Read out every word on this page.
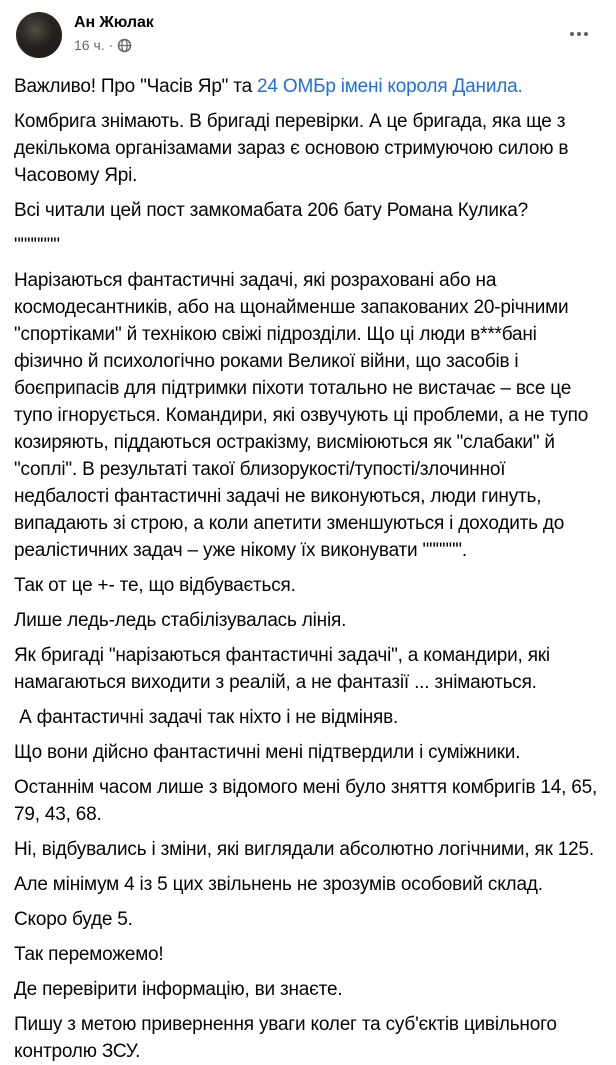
Ан Жюлак
16 ч. ·

Важливо! Про "Часів Яр" та 24 ОМБр імені короля Данила.

Комбрига знімають. В бригаді перевірки. А це бригада, яка ще з декількома організамами зараз є основою стримуючою силою в Часовому Ярі.

Всі читали цей пост замкомабата 206 бату Романа Кулика?

"""""""

Нарізаються фантастичні задачі, які розраховані або на космодесантників, або на щонайменше запакованих 20-річними "спортіками" й технікою свіжі підрозділи. Що ці люди в***бані фізично й психологічно роками Великої війни, що засобів і боєприпасів для підтримки піхоти тотально не вистачає – все це тупо ігнорується. Командири, які озвучують ці проблеми, а не тупо козиряють, піддаються остракізму, висміюються як "слабаки" й "соплі". В результаті такої близорукості/тупості/злочинної недбалості фантастичні задачі не виконуються, люди гинуть, випадають зі строю, а коли апетити зменшуються і доходить до реалістичних задач – уже нікому їх виконувати """""".

Так от це +- те, що відбувається.

Лише ледь-ледь стабілізувалась лінія.

Як бригаді "нарізаються фантастичні задачі", а командири, які намагаються виходити з реалій, а не фантазії ... знімаються.

А фантастичні задачі так ніхто і не відміняв.

Що вони дійсно фантастичні мені підтвердили і суміжники.

Останнім часом лише з відомого мені було зняття комбригів 14, 65, 79, 43, 68.

Ні, відбувались і зміни, які виглядали абсолютно логічними, як 125.

Але мінімум 4 із 5 цих звільнень не зрозумів особовий склад.

Скоро буде 5.

Так переможемо!

Де перевірити інформацію, ви знаєте.

Пишу з метою привернення уваги колег та суб'єктів цивільного контролю ЗСУ.
